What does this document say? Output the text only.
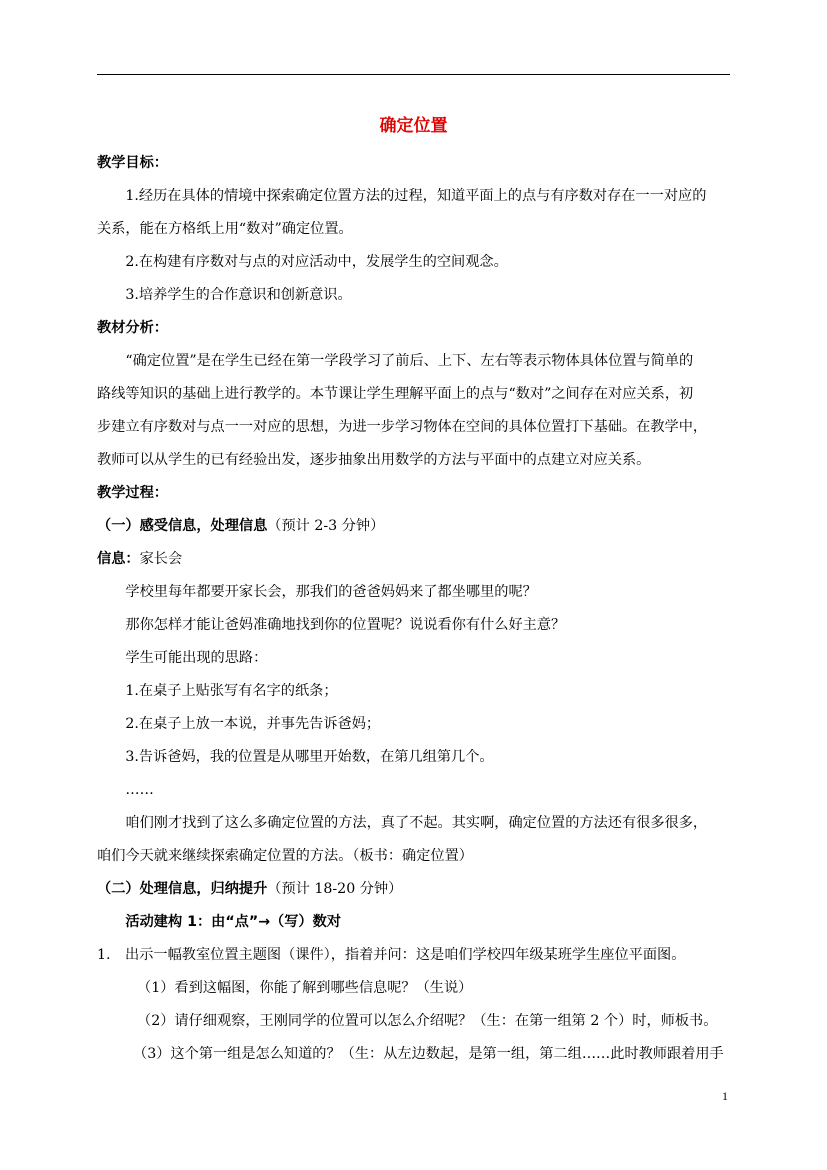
确定位置

教学目标：

1.经历在具体的情境中探索确定位置方法的过程，知道平面上的点与有序数对存在一一对应的

关系，能在方格纸上用“数对”确定位置。

2.在构建有序数对与点的对应活动中，发展学生的空间观念。

3.培养学生的合作意识和创新意识。

教材分析：

“确定位置”是在学生已经在第一学段学习了前后、上下、左右等表示物体具体位置与简单的

路线等知识的基础上进行教学的。本节课让学生理解平面上的点与“数对”之间存在对应关系，初

步建立有序数对与点一一对应的思想，为进一步学习物体在空间的具体位置打下基础。在教学中，

教师可以从学生的已有经验出发，逐步抽象出用数学的方法与平面中的点建立对应关系。

教学过程：

（一）感受信息，处理信息（预计 2-3 分钟）

信息：家长会

学校里每年都要开家长会，那我们的爸爸妈妈来了都坐哪里的呢？

那你怎样才能让爸妈准确地找到你的位置呢？说说看你有什么好主意？

学生可能出现的思路：

1.在桌子上贴张写有名字的纸条；

2.在桌子上放一本说，并事先告诉爸妈；

3.告诉爸妈，我的位置是从哪里开始数，在第几组第几个。

……

咱们刚才找到了这么多确定位置的方法，真了不起。其实啊，确定位置的方法还有很多很多，

咱们今天就来继续探索确定位置的方法。（板书：确定位置）

（二）处理信息，归纳提升（预计 18-20 分钟）

活动建构 1：由“点”→（写）数对

1.	出示一幅教室位置主题图（课件），指着并问：这是咱们学校四年级某班学生座位平面图。

（1）看到这幅图，你能了解到哪些信息呢？（生说）

（2）请仔细观察，王刚同学的位置可以怎么介绍呢？（生：在第一组第 2 个）时，师板书。

（3）这个第一组是怎么知道的？（生：从左边数起，是第一组，第二组……此时教师跟着用手

1
